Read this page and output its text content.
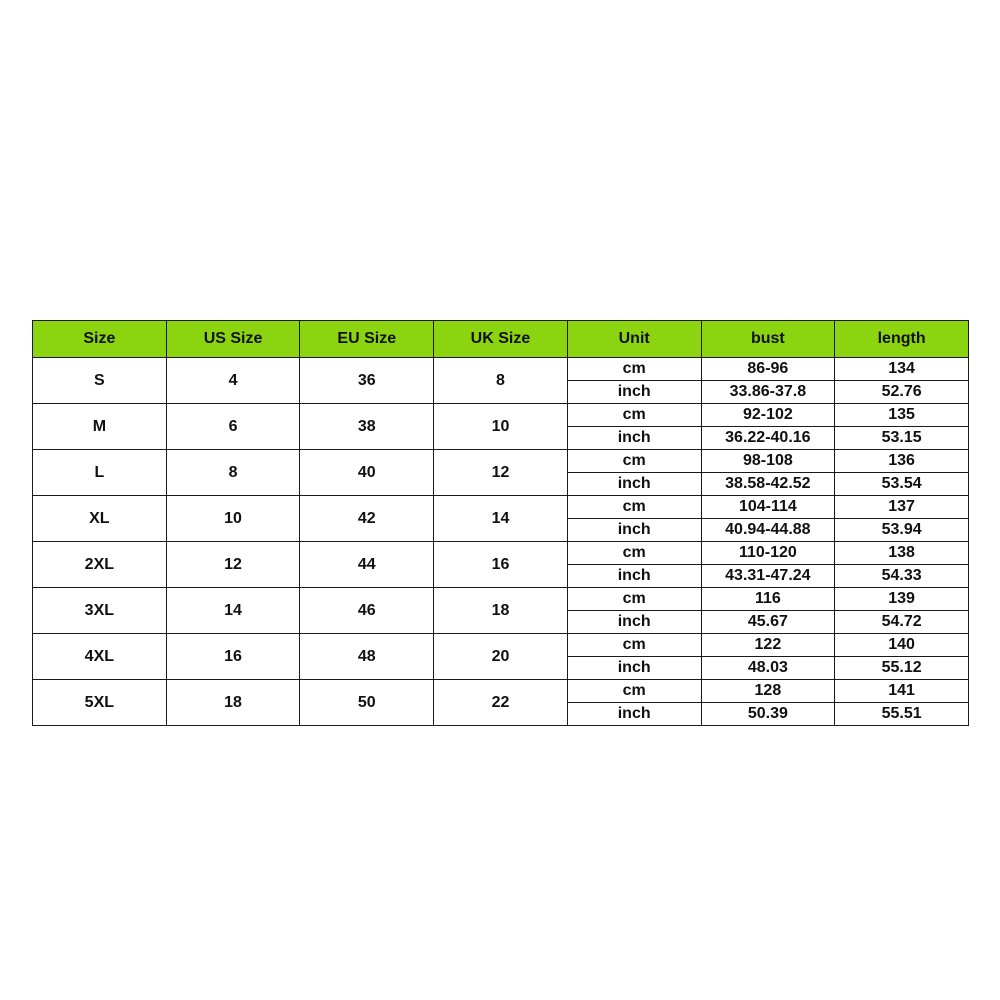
Size	US Size	EU Size	UK Size	Unit	bust	length
S	4	36	8	cm	86-96	134
				inch	33.86-37.8	52.76
M	6	38	10	cm	92-102	135
				inch	36.22-40.16	53.15
L	8	40	12	cm	98-108	136
				inch	38.58-42.52	53.54
XL	10	42	14	cm	104-114	137
				inch	40.94-44.88	53.94
2XL	12	44	16	cm	110-120	138
				inch	43.31-47.24	54.33
3XL	14	46	18	cm	116	139
				inch	45.67	54.72
4XL	16	48	20	cm	122	140
				inch	48.03	55.12
5XL	18	50	22	cm	128	141
				inch	50.39	55.51
